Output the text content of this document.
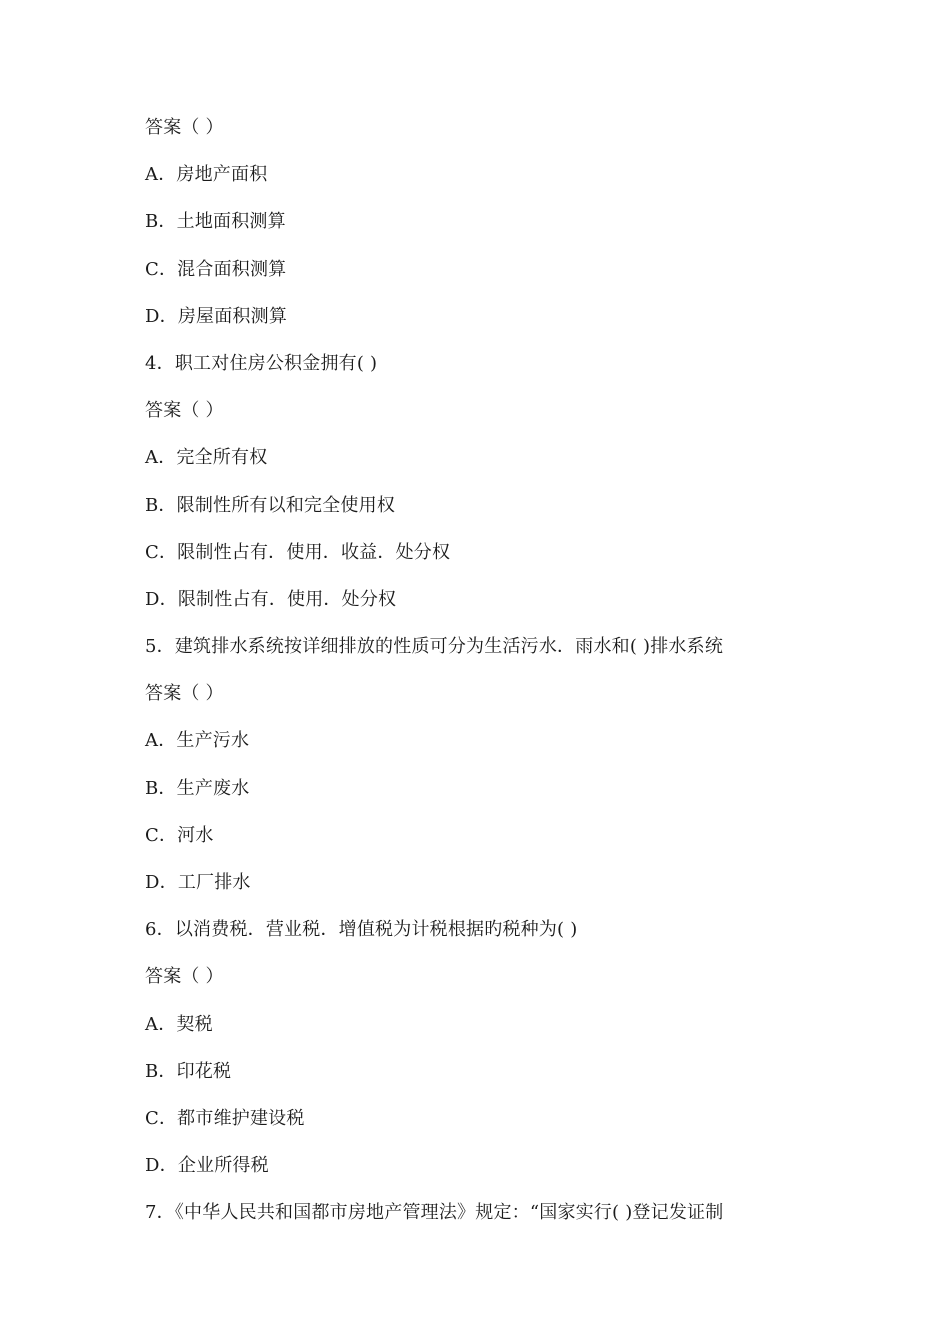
答案（ ）
A．房地产面积
B．土地面积测算
C．混合面积测算
D．房屋面积测算
4．职工对住房公积金拥有( )
答案（ ）
A．完全所有权
B．限制性所有以和完全使用权
C．限制性占有．使用．收益．处分权
D．限制性占有．使用．处分权
5．建筑排水系统按详细排放的性质可分为生活污水．雨水和( )排水系统
答案（ ）
A．生产污水
B．生产废水
C．河水
D．工厂排水
6．以消费税．营业税．增值税为计税根据旳税种为( )
答案（ ）
A．契税
B．印花税
C．都市维护建设税
D．企业所得税
7．《中华人民共和国都市房地产管理法》规定：“国家实行( )登记发证制
